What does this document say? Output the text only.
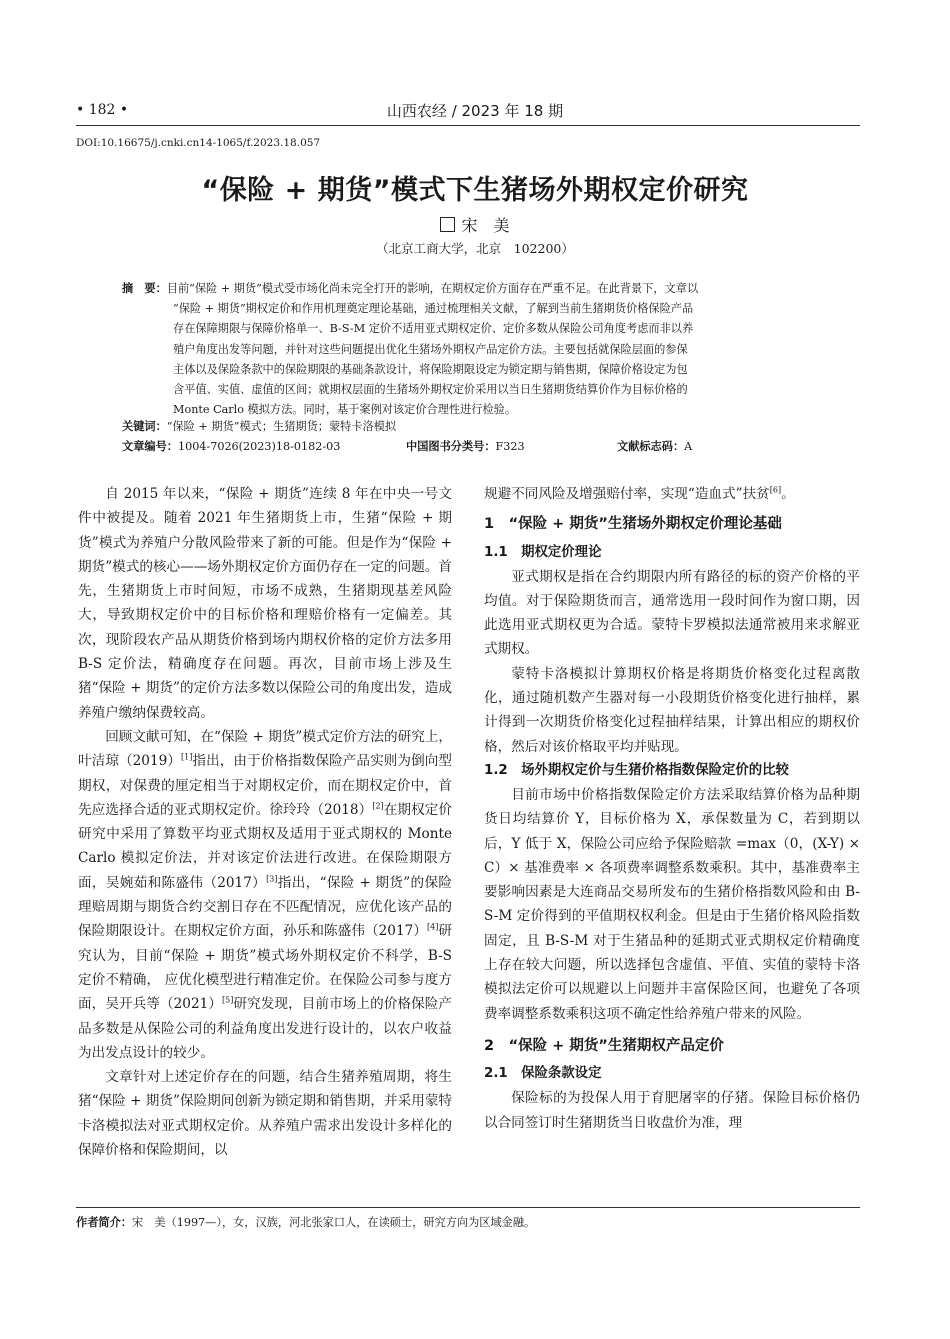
• 182 •	山西农经 / 2023 年 18 期
DOI:10.16675/j.cnki.cn14-1065/f.2023.18.057
“保险 + 期货”模式下生猪场外期权定价研究
宋　美
（北京工商大学，北京　102200）
摘　要：目前“保险 + 期货”模式受市场化尚未完全打开的影响，在期权定价方面存在严重不足。在此背景下，文章以
“保险 + 期货”期权定价和作用机理奠定理论基础，通过梳理相关文献，了解到当前生猪期货价格保险产品
存在保障期限与保障价格单一、B-S-M 定价不适用亚式期权定价、定价多数从保险公司角度考虑而非以养
殖户角度出发等问题，并针对这些问题提出优化生猪场外期权产品定价方法。主要包括就保险层面的参保
主体以及保险条款中的保险期限的基础条款设计，将保险期限设定为锁定期与销售期，保障价格设定为包
含平值、实值、虚值的区间；就期权层面的生猪场外期权定价采用以当日生猪期货结算价作为目标价格的
Monte Carlo 模拟方法。同时，基于案例对该定价合理性进行检验。
关键词：“保险 + 期货”模式；生猪期货；蒙特卡洛模拟
文章编号：1004-7026(2023)18-0182-03	中国图书分类号：F323	文献标志码：A

自 2015 年以来，“保险 + 期货”连续 8 年在中央一号文件中被提及。随着 2021 年生猪期货上市，生猪“保险 + 期货”模式为养殖户分散风险带来了新的可能。但是作为“保险 + 期货”模式的核心——场外期权定价方面仍存在一定的问题。首先，生猪期货上市时间短，市场不成熟，生猪期现基差风险大，导致期权定价中的目标价格和理赔价格有一定偏差。其次，现阶段农产品从期货价格到场内期权价格的定价方法多用 B-S 定价法，精确度存在问题。再次，目前市场上涉及生猪“保险 + 期货”的定价方法多数以保险公司的角度出发，造成养殖户缴纳保费较高。

回顾文献可知，在“保险 + 期货”模式定价方法的研究上，叶洁琼（2019）[1]指出，由于价格指数保险产品实则为倒向型期权，对保费的厘定相当于对期权定价，而在期权定价中，首先应选择合适的亚式期权定价。徐玲玲（2018）[2]在期权定价研究中采用了算数平均亚式期权及适用于亚式期权的 Monte Carlo 模拟定价法，并对该定价法进行改进。在保险期限方面，吴婉茹和陈盛伟（2017）[3]指出，“保险 + 期货”的保险理赔周期与期货合约交割日存在不匹配情况，应优化该产品的保险期限设计。在期权定价方面，孙乐和陈盛伟（2017）[4]研究认为，目前“保险 + 期货”模式场外期权定价不科学，B-S 定价不精确， 应优化模型进行精准定价。在保险公司参与度方面，吴开兵等（2021）[5]研究发现，目前市场上的价格保险产品多数是从保险公司的利益角度出发进行设计的，以农户收益为出发点设计的较少。

文章针对上述定价存在的问题，结合生猪养殖周期，将生猪“保险 + 期货”保险期间创新为锁定期和销售期，并采用蒙特卡洛模拟法对亚式期权定价。从养殖户需求出发设计多样化的保障价格和保险期间，以

规避不同风险及增强赔付率，实现“造血式”扶贫[6]。

1　“保险 + 期货”生猪场外期权定价理论基础
1.1　期权定价理论

亚式期权是指在合约期限内所有路径的标的资产价格的平均值。对于保险期货而言，通常选用一段时间作为窗口期，因此选用亚式期权更为合适。蒙特卡罗模拟法通常被用来求解亚式期权。

蒙特卡洛模拟计算期权价格是将期货价格变化过程离散化，通过随机数产生器对每一小段期货价格变化进行抽样，累计得到一次期货价格变化过程抽样结果，计算出相应的期权价格，然后对该价格取平均并贴现。

1.2　场外期权定价与生猪价格指数保险定价的比较

目前市场中价格指数保险定价方法采取结算价格为品种期货日均结算价 Y，目标价格为 X，承保数量为 C，若到期以后，Y 低于 X，保险公司应给予保险赔款 =max（0，(X-Y) × C）× 基准费率 × 各项费率调整系数乘积。其中，基准费率主要影响因素是大连商品交易所发布的生猪价格指数风险和由 B-S-M 定价得到的平值期权权利金。但是由于生猪价格风险指数固定，且 B-S-M 对于生猪品种的延期式亚式期权定价精确度上存在较大问题，所以选择包含虚值、平值、实值的蒙特卡洛模拟法定价可以规避以上问题并丰富保险区间，也避免了各项费率调整系数乘积这项不确定性给养殖户带来的风险。

2　“保险 + 期货”生猪期权产品定价
2.1　保险条款设定

保险标的为投保人用于育肥屠宰的仔猪。保险目标价格仍以合同签订时生猪期货当日收盘价为准，理

作者简介：宋　美（1997—），女，汉族，河北张家口人，在读硕士，研究方向为区域金融。
